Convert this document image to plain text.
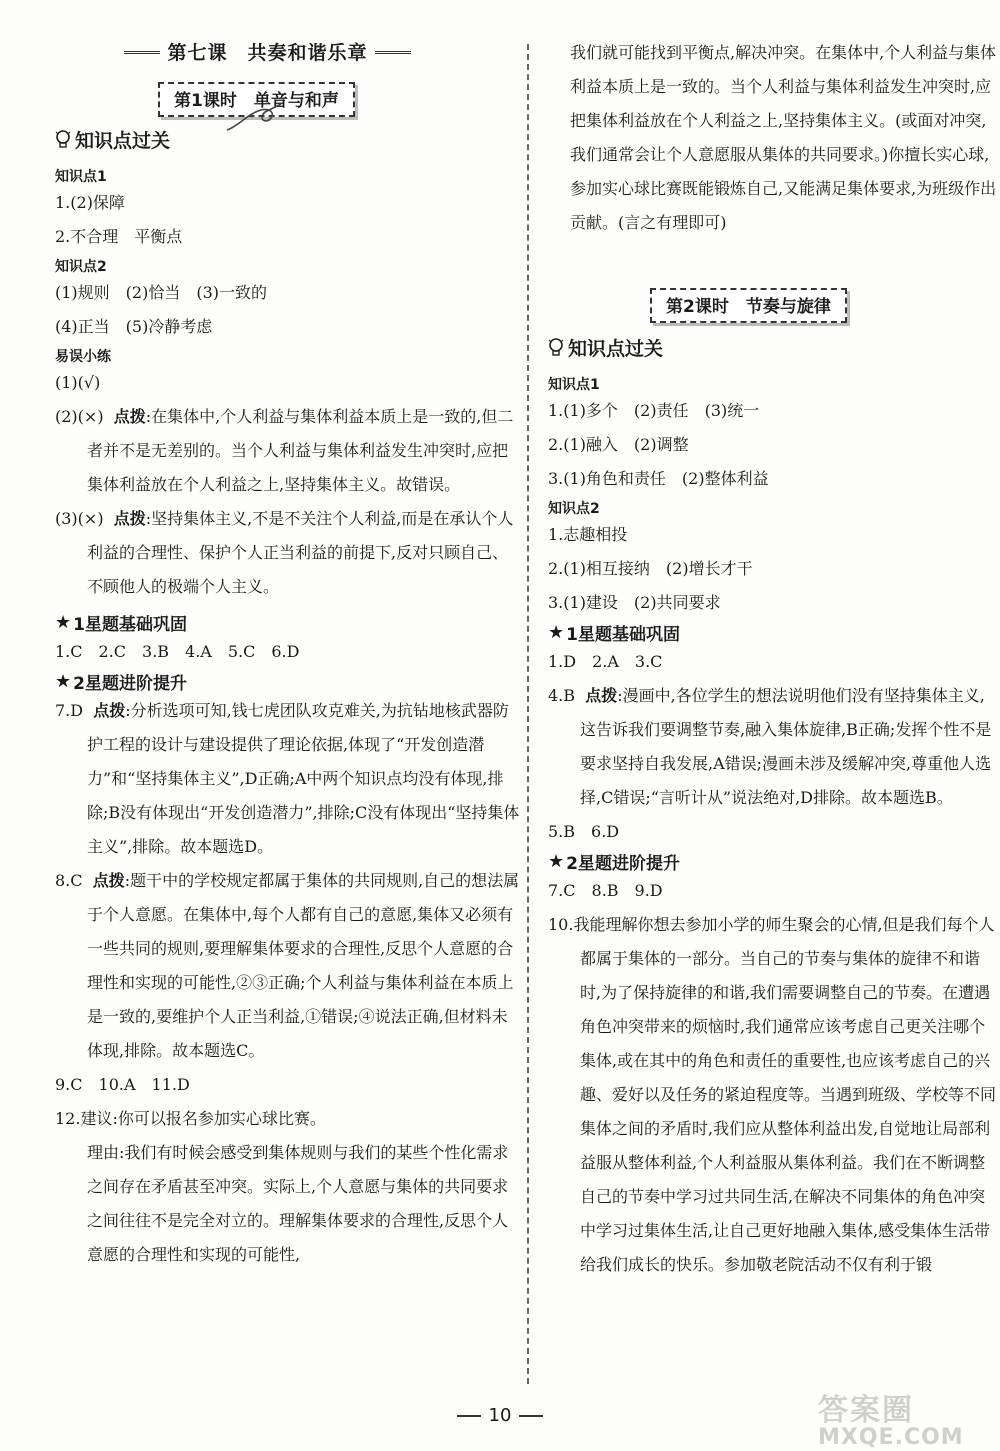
第七课　共奏和谐乐章
第1课时　单音与和声
知识点过关
知识点1
1.(2)保障
2.不合理　平衡点
知识点2
(1)规则　(2)恰当　(3)一致的
(4)正当　(5)冷静考虑
易误小练
(1)(√)
(2)(×) 点拨:在集体中,个人利益与集体利益本质上是一致的,但二者并不是无差别的。当个人利益与集体利益发生冲突时,应把集体利益放在个人利益之上,坚持集体主义。故错误。
(3)(×) 点拨:坚持集体主义,不是不关注个人利益,而是在承认个人利益的合理性、保护个人正当利益的前提下,反对只顾自己、不顾他人的极端个人主义。
★ 1星题基础巩固
1.C　2.C　3.B　4.A　5.C　6.D
★ 2星题进阶提升
7.D 点拨:分析选项可知,钱七虎团队攻克难关,为抗钻地核武器防护工程的设计与建设提供了理论依据,体现了“开发创造潜力”和“坚持集体主义”,D正确;A中两个知识点均没有体现,排除;B没有体现出“开发创造潜力”,排除;C没有体现出“坚持集体主义”,排除。故本题选D。
8.C 点拨:题干中的学校规定都属于集体的共同规则,自己的想法属于个人意愿。在集体中,每个人都有自己的意愿,集体又必须有一些共同的规则,要理解集体要求的合理性,反思个人意愿的合理性和实现的可能性,②③正确;个人利益与集体利益在本质上是一致的,要维护个人正当利益,①错误;④说法正确,但材料未体现,排除。故本题选C。
9.C　10.A　11.D
12.建议:你可以报名参加实心球比赛。
理由:我们有时候会感受到集体规则与我们的某些个性化需求之间存在矛盾甚至冲突。实际上,个人意愿与集体的共同要求之间往往不是完全对立的。理解集体要求的合理性,反思个人意愿的合理性和实现的可能性,
我们就可能找到平衡点,解决冲突。在集体中,个人利益与集体利益本质上是一致的。当个人利益与集体利益发生冲突时,应把集体利益放在个人利益之上,坚持集体主义。(或面对冲突,我们通常会让个人意愿服从集体的共同要求。)你擅长实心球,参加实心球比赛既能锻炼自己,又能满足集体要求,为班级作出贡献。(言之有理即可)
第2课时　节奏与旋律
知识点过关
知识点1
1.(1)多个　(2)责任　(3)统一
2.(1)融入　(2)调整
3.(1)角色和责任　(2)整体利益
知识点2
1.志趣相投
2.(1)相互接纳　(2)增长才干
3.(1)建设　(2)共同要求
★ 1星题基础巩固
1.D　2.A　3.C
4.B 点拨:漫画中,各位学生的想法说明他们没有坚持集体主义,这告诉我们要调整节奏,融入集体旋律,B正确;发挥个性不是要求坚持自我发展,A错误;漫画未涉及缓解冲突,尊重他人选择,C错误;“言听计从”说法绝对,D排除。故本题选B。
5.B　6.D
★ 2星题进阶提升
7.C　8.B　9.D
10.我能理解你想去参加小学的师生聚会的心情,但是我们每个人都属于集体的一部分。当自己的节奏与集体的旋律不和谐时,为了保持旋律的和谐,我们需要调整自己的节奏。在遭遇角色冲突带来的烦恼时,我们通常应该考虑自己更关注哪个集体,或在其中的角色和责任的重要性,也应该考虑自己的兴趣、爱好以及任务的紧迫程度等。当遇到班级、学校等不同集体之间的矛盾时,我们应从整体利益出发,自觉地让局部利益服从整体利益,个人利益服从集体利益。我们在不断调整自己的节奏中学习过共同生活,在解决不同集体的角色冲突中学习过集体生活,让自己更好地融入集体,感受集体生活带给我们成长的快乐。参加敬老院活动不仅有利于锻
10	答案圈
MXQE.COM
